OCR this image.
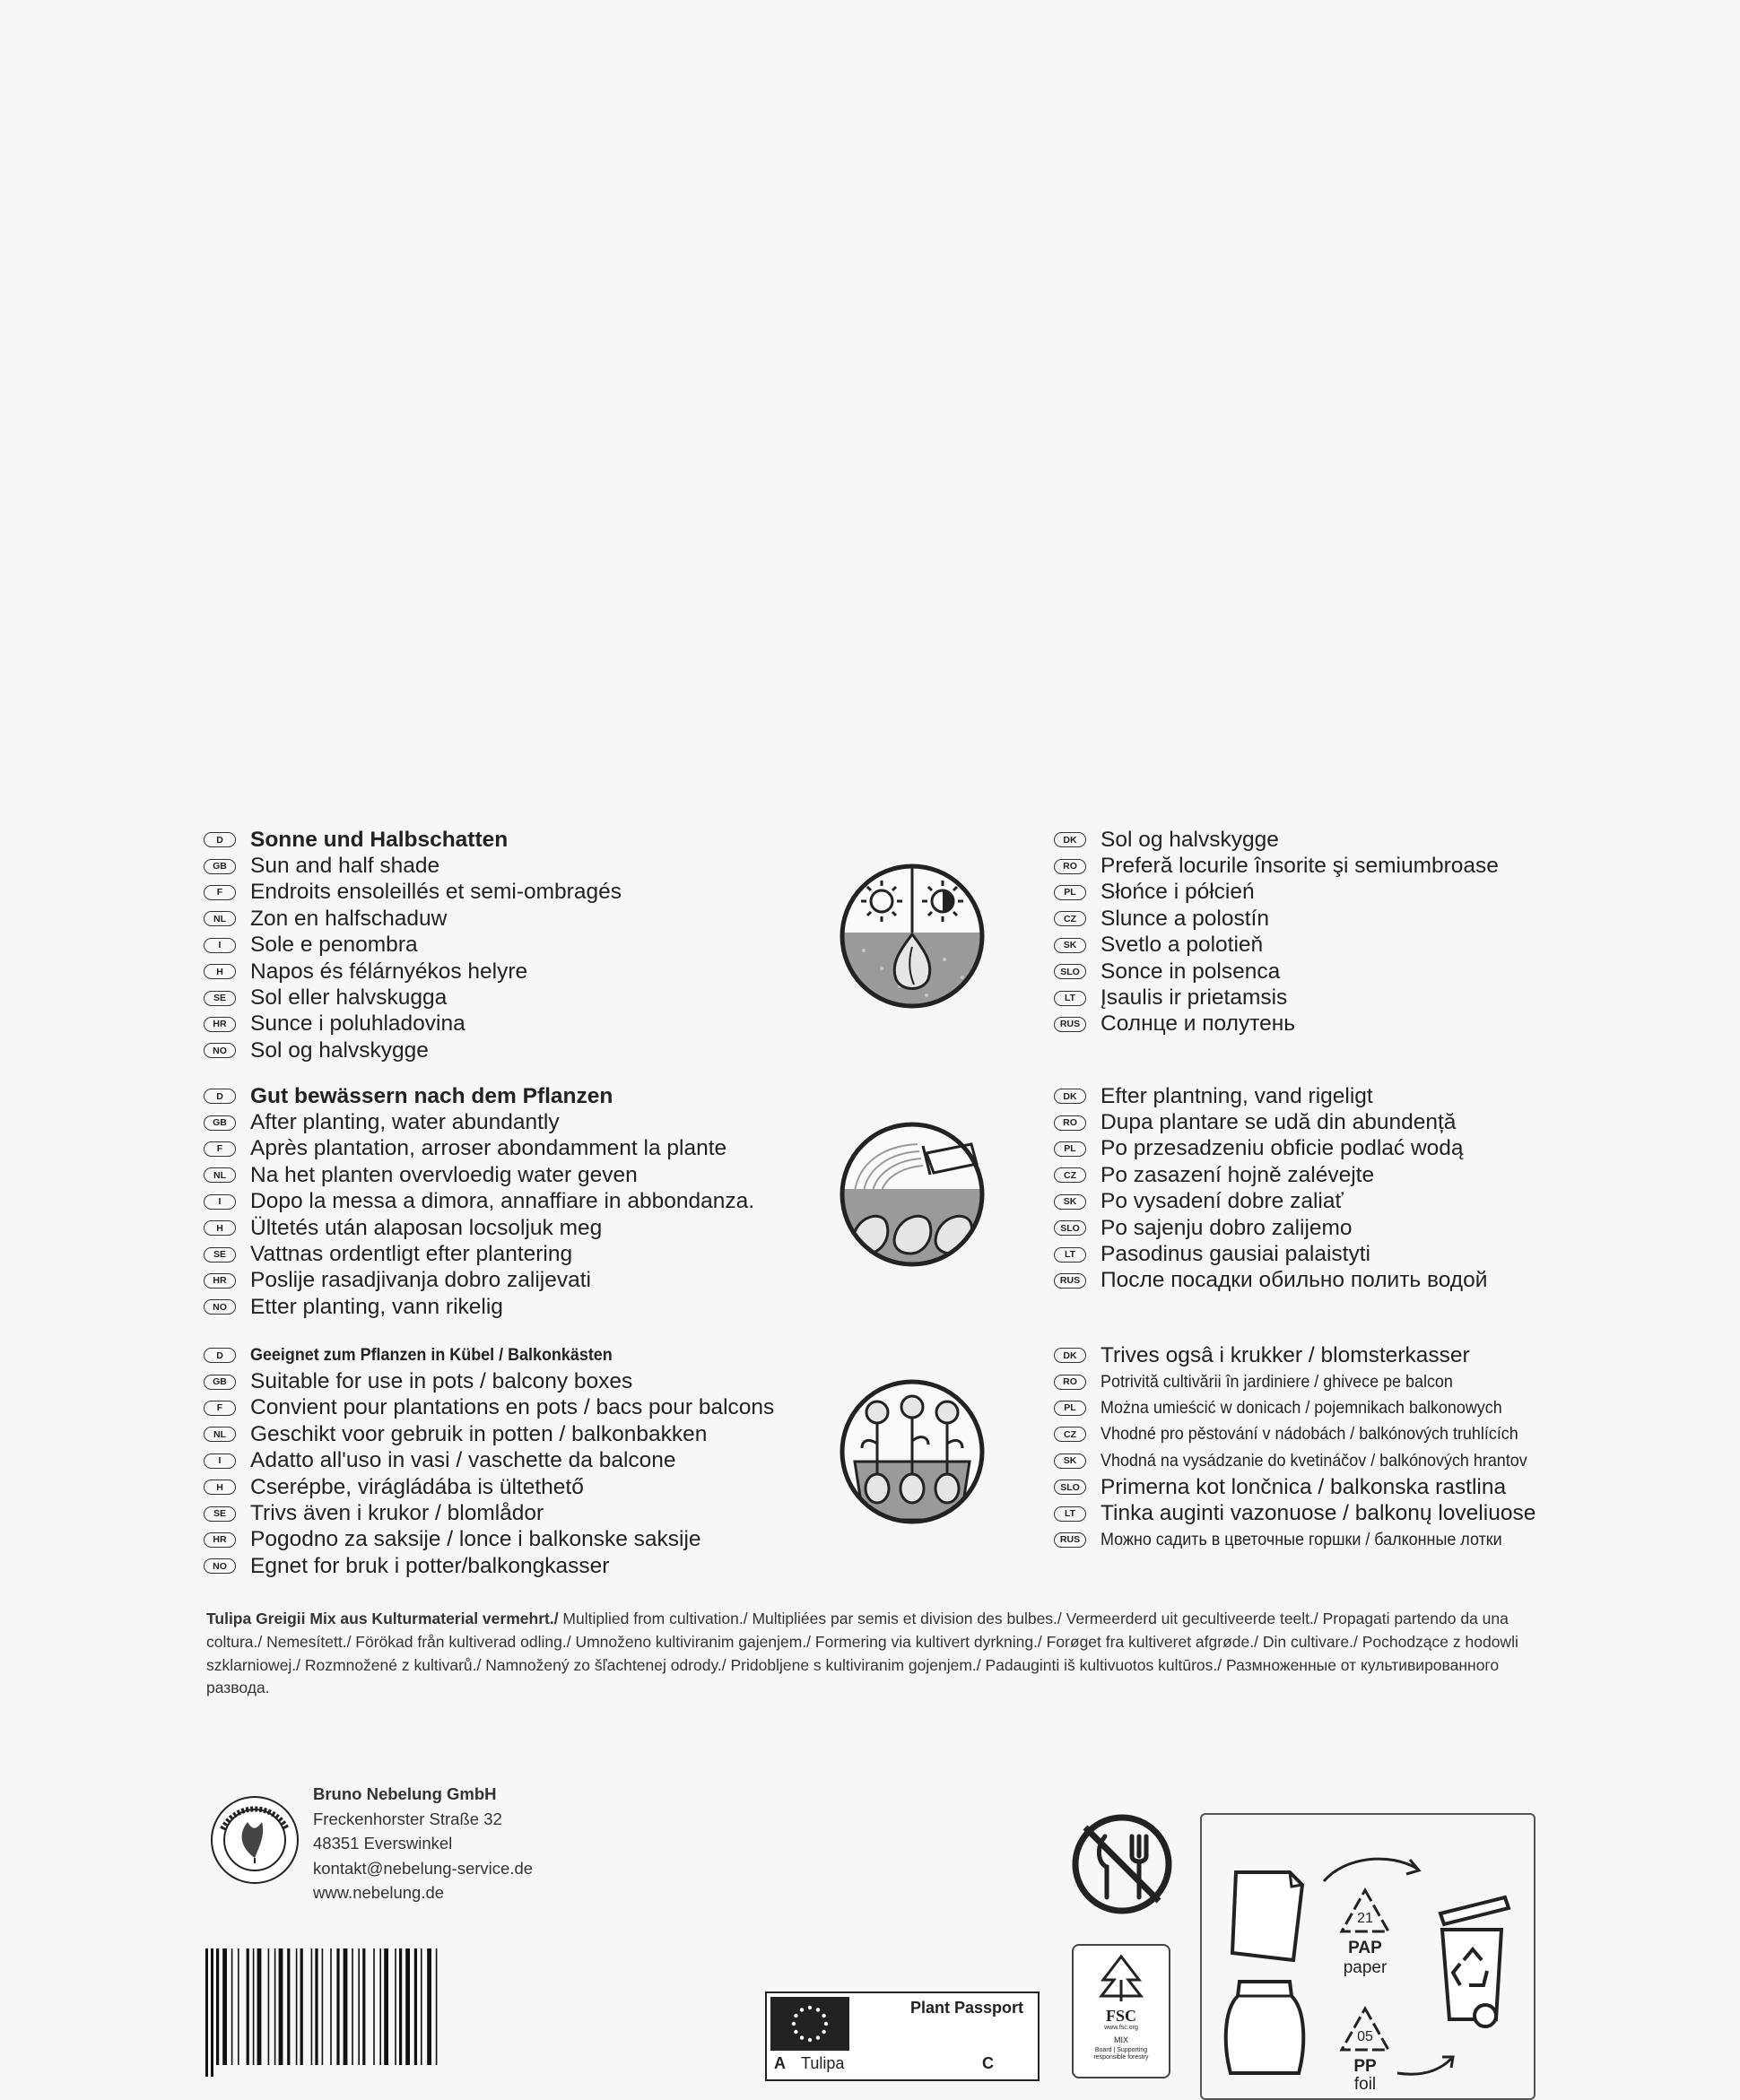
D	Sonne und Halbschatten
GB	Sun and half shade
F	Endroits ensoleillés et semi-ombragés
NL	Zon en halfschaduw
I	Sole e penombra
H	Napos és félárnyékos helyre
SE	Sol eller halvskugga
HR	Sunce i poluhladovina
NO	Sol og halvskygge
DK	Sol og halvskygge
RO	Preferă locurile însorite şi semiumbroase
PL	Słońce i półcień
CZ	Slunce a polostín
SK	Svetlo a polotieň
SLO Sonce in polsenca
LT	Įsaulis ir prietamsis
RUS Солнце и полутень
D	Gut bewässern nach dem Pflanzen
GB	After planting, water abundantly
F	Après plantation, arroser abondamment la plante
NL	Na het planten overvloedig water geven
I	Dopo la messa a dimora, annaffiare in abbondanza.
H	Ültetés után alaposan locsoljuk meg
SE	Vattnas ordentligt efter plantering
HR	Poslije rasadjivanja dobro zalijevati
NO	Etter planting, vann rikelig
DK	Efter plantning, vand rigeligt
RO	Dupa plantare se udă din abundență
PL	Po przesadzeniu obficie podlać wodą
CZ	Po zasazení hojně zalévejte
SK	Po vysadení dobre zaliať
SLO Po sajenju dobro zalijemo
LT	Pasodinus gausiai palaistyti
RUS После посадки обильно полить водой
D	Geeignet zum Pflanzen in Kübel / Balkonkästen
GB	Suitable for use in pots / balcony boxes
F	Convient pour plantations en pots / bacs pour balcons
NL	Geschikt voor gebruik in potten / balkonbakken
I	Adatto all'uso in vasi / vaschette da balcone
H	Cserépbe, virágládába is ültethető
SE	Trivs även i krukor / blomlådor
HR	Pogodno za saksije / lonce i balkonske saksije
NO	Egnet for bruk i potter/balkongkasser
DK	Trives ogsâ i krukker / blomsterkasser
RO	Potrivită cultivării în jardiniere / ghivece pe balcon
PL	Można umieścić w donicach / pojemnikach balkonowych
CZ	Vhodné pro pěstování v nádobách / balkónových truhlících
SK	Vhodná na vysádzanie do kvetináčov / balkónových hrantov
SLO Primerna kot lončnica / balkonska rastlina
LT	Tinka auginti vazonuose / balkonų loveliuose
RUS	Можно садить в цветочные горшки / балконные лотки
Tulipa Greigii Mix aus Kulturmaterial vermehrt./ Multiplied from cultivation./ Multipliées par semis et division des bulbes./ Vermeerderd uit gecultiveerde teelt./ Propagati partendo da una coltura./ Nemesített./ Förökad från kultiverad odling./ Umnoženo kultiviranim gajenjem./ Formering via kultivert dyrkning./ Forøget fra kultiveret afgrøde./ Din cultivare./ Pochodzące z hodowli szklarniowej./ Rozmnožené z kultivarů./ Namnožený zo šľachtenej odrody./ Pridobljene s kultiviranim gojenjem./ Padauginti iš kultivuotos kultūros./ Размноженные от культивированного развода.
Bruno Nebelung GmbH
Freckenhorster Straße 32
48351 Everswinkel
kontakt@nebelung-service.de
www.nebelung.de
Plant Passport
A Tulipa	C
FSC
www.fsc.org
MIX
Board | Supporting responsible forestry
21
PAP
paper
05
PP
foil
